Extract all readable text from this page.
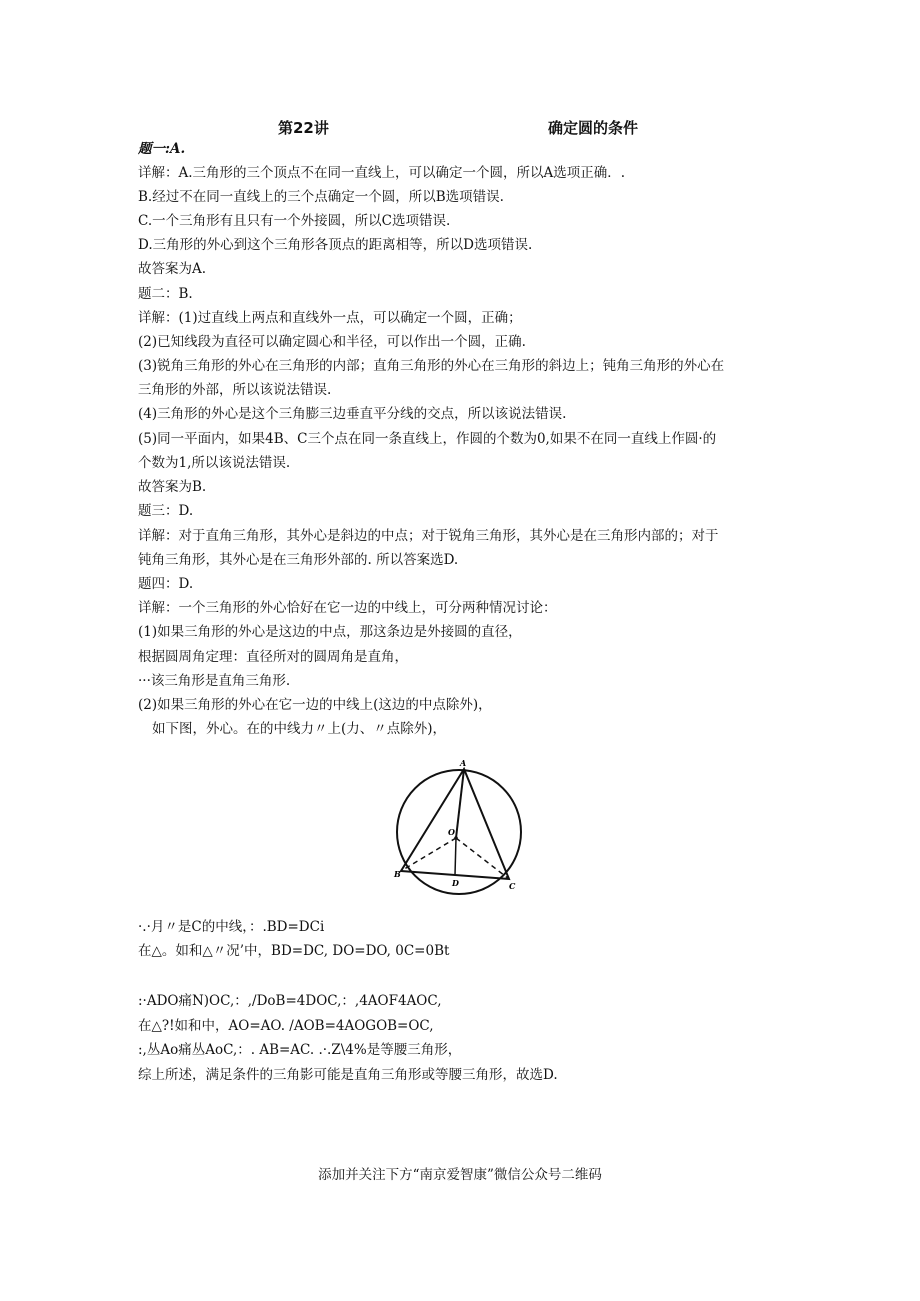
第22讲	确定圆的条件
题一:A.
详解：A.三角形的三个顶点不在同一直线上，可以确定一个圆，所以A选项正确．.
B.经过不在同一直线上的三个点确定一个圆，所以B选项错误.
C.一个三角形有且只有一个外接圆，所以C选项错误.
D.三角形的外心到这个三角形各顶点的距离相等，所以D选项错误.
故答案为A.
题二：B.
详解：(1)过直线上两点和直线外一点，可以确定一个圆，正确；
(2)已知线段为直径可以确定圆心和半径，可以作出一个圆，正确.
(3)锐角三角形的外心在三角形的内部；直角三角形的外心在三角形的斜边上；钝角三角形的外心在
三角形的外部，所以该说法错误.
(4)三角形的外心是这个三角膨三边垂直平分线的交点，所以该说法错误.
(5)同一平面内，如果4B、C三个点在同一条直线上，作圆的个数为0,如果不在同一直线上作圆·的
个数为1,所以该说法错误.
故答案为B.
题三：D.
详解：对于直角三角形，其外心是斜边的中点；对于锐角三角形，其外心是在三角形内部的；对于
钝角三角形，其外心是在三角形外部的. 所以答案选D.
题四：D.
详解：一个三角形的外心恰好在它一边的中线上，可分两种情况讨论：
(1)如果三角形的外心是这边的中点，那这条边是外接圆的直径，
根据圆周角定理：直径所对的圆周角是直角，
···该三角形是直角三角形.
(2)如果三角形的外心在它一边的中线上(这边的中点除外)，
如下图，外心。在的中线力〃上(力、〃点除外)，
A
B
C
D
O
·.·月〃是C的中线，：.BD=DCi
在△。如和△〃况’中，BD=DC, DO=DO, 0C=0Bt
:·ADO痛N)OC,：,/DoB=4DOC,：,4AOF4AOC,
在△?!如和中，AO=AO. /AOB=4AOGOB=OC,
:,丛Ao痛丛AoC,：. AB=AC. .·.Z\4%是等腰三角形，
综上所述，满足条件的三角影可能是直角三角形或等腰三角形，故选D.
添加并关注下方“南京爱智康”微信公众号二维码
